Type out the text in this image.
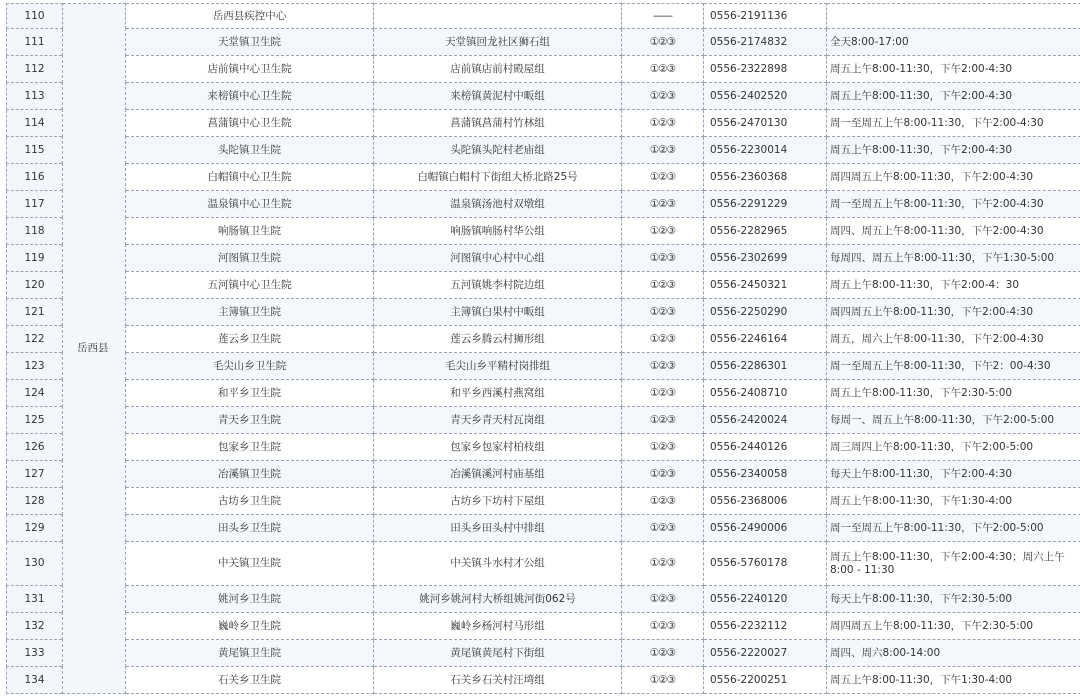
110	岳西县	岳西县疾控中心		——	0556-2191136	
111		天堂镇卫生院	天堂镇回龙社区狮石组	①②③	0556-2174832	全天8:00-17:00
112		店前镇中心卫生院	店前镇店前村殿屋组	①②③	0556-2322898	周五上午8:00-11:30，下午2:00-4:30
113		来榜镇中心卫生院	来榜镇黄泥村中畈组	①②③	0556-2402520	周五上午8:00-11:30，下午2:00-4:30
114		菖蒲镇中心卫生院	菖蒲镇菖蒲村竹林组	①②③	0556-2470130	周一至周五上午8:00-11:30，下午2:00-4:30
115		头陀镇卫生院	头陀镇头陀村老庙组	①②③	0556-2230014	周五上午8:00-11:30，下午2:00-4:30
116		白帽镇中心卫生院	白帽镇白帽村下街组大桥北路25号	①②③	0556-2360368	周四周五上午8:00-11:30，下午2:00-4:30
117		温泉镇中心卫生院	温泉镇汤池村双墩组	①②③	0556-2291229	周一至周五上午8:00-11:30，下午2:00-4:30
118		响肠镇卫生院	响肠镇响肠村华公组	①②③	0556-2282965	周四、周五上午8:00-11:30，下午2:00-4:30
119		河图镇卫生院	河图镇中心村中心组	①②③	0556-2302699	每周四、周五上午8:00-11:30，下午1:30-5:00
120		五河镇中心卫生院	五河镇姚李村院边组	①②③	0556-2450321	周五上午8:00-11:30，下午2:00-4：30
121		主簿镇卫生院	主簿镇白果村中畈组	①②③	0556-2250290	周四周五上午8:00-11:30，下午2:00-4:30
122		莲云乡卫生院	莲云乡腾云村狮形组	①②③	0556-2246164	周五，周六上午8:00-11:30，下午2:00-4:30
123		毛尖山乡卫生院	毛尖山乡平精村岗排组	①②③	0556-2286301	周一至周五上午8:00-11:30，下午2：00-4:30
124		和平乡卫生院	和平乡西溪村燕窝组	①②③	0556-2408710	周五上午8:00-11:30，下午2:30-5:00
125		青天乡卫生院	青天乡青天村瓦岗组	①②③	0556-2420024	每周一、周五上午8:00-11:30，下午2:00-5:00
126		包家乡卫生院	包家乡包家村柏枝组	①②③	0556-2440126	周三周四上午8:00-11:30，下午2:00-5:00
127		冶溪镇卫生院	冶溪镇溪河村庙基组	①②③	0556-2340058	每天上午8:00-11:30，下午2:00-4:30
128		古坊乡卫生院	古坊乡下坊村下屋组	①②③	0556-2368006	周五上午8:00-11:30，下午1:30-4:00
129		田头乡卫生院	田头乡田头村中排组	①②③	0556-2490006	周一至周五上午8:00-11:30，下午2:00-5:00
130		中关镇卫生院	中关镇斗水村才公组	①②③	0556-5760178	周五上午8:00-11:30，下午2:00-4:30；周六上午8:00 - 11:30
131		姚河乡卫生院	姚河乡姚河村大桥组姚河街062号	①②③	0556-2240120	每天上午8:00-11:30，下午2:30-5:00
132		巍岭乡卫生院	巍岭乡杨河村马形组	①②③	0556-2232112	周四周五上午8:00-11:30，下午2:30-5:00
133		黄尾镇卫生院	黄尾镇黄尾村下街组	①②③	0556-2220027	周四、周六8:00-14:00
134		石关乡卫生院	石关乡石关村汪塆组	①②③	0556-2200251	周五上午8:00-11:30，下午1:30-4:00
